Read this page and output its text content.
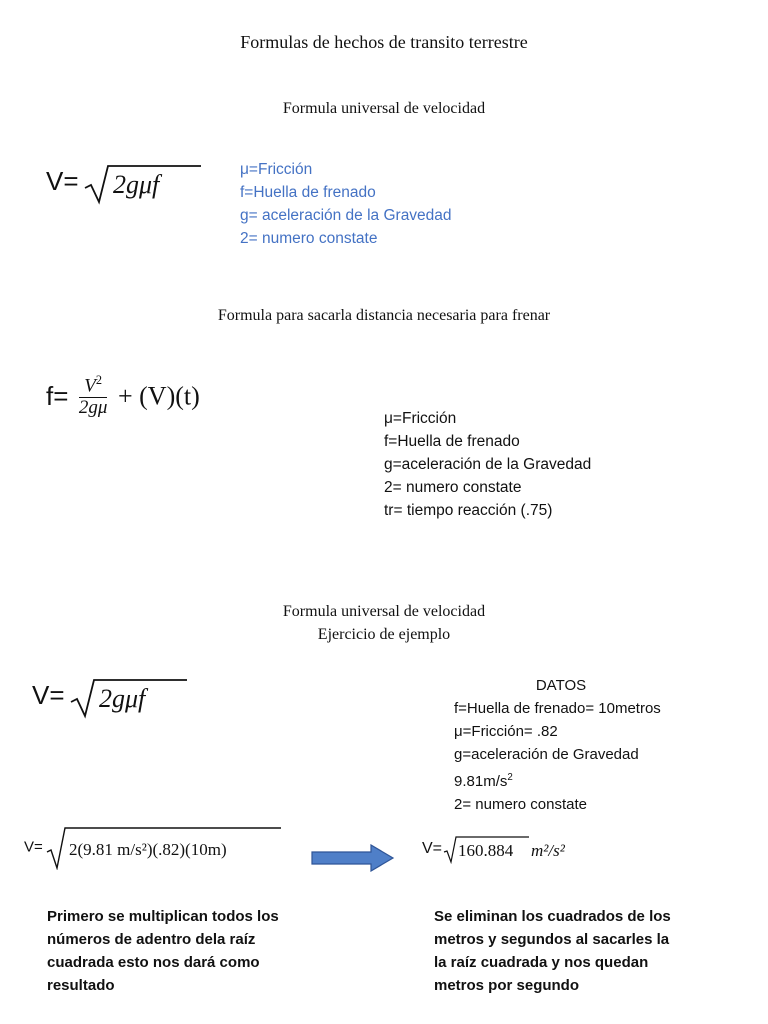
Formulas de hechos de transito terrestre
Formula universal de velocidad
V= 2gμf
μ=Fricción
f=Huella de frenado
g= aceleración de la Gravedad
2= numero constate
Formula para sacarla distancia necesaria para frenar
$f= \frac{V^2}{2g\mu} + (V)(t)$
μ=Fricción
f=Huella de frenado
g=aceleración de la Gravedad
2= numero constate
tr= tiempo reacción (.75)
Formula universal de velocidad
Ejercicio de ejemplo
V= 2gμf	DATOS
f=Huella de frenado= 10metros
μ=Fricción= .82
g=aceleración de Gravedad
$9.81m/s^2$
2= numero constate
V= 2(9.81 m/s²)(.82)(10m)	V= 160.884 m²/s²
Primero se multiplican todos los
números de adentro dela raíz
cuadrada esto nos dará como
resultado
Se eliminan los cuadrados de los
metros y segundos al sacarles la
la raíz cuadrada y nos quedan
metros por segundo
